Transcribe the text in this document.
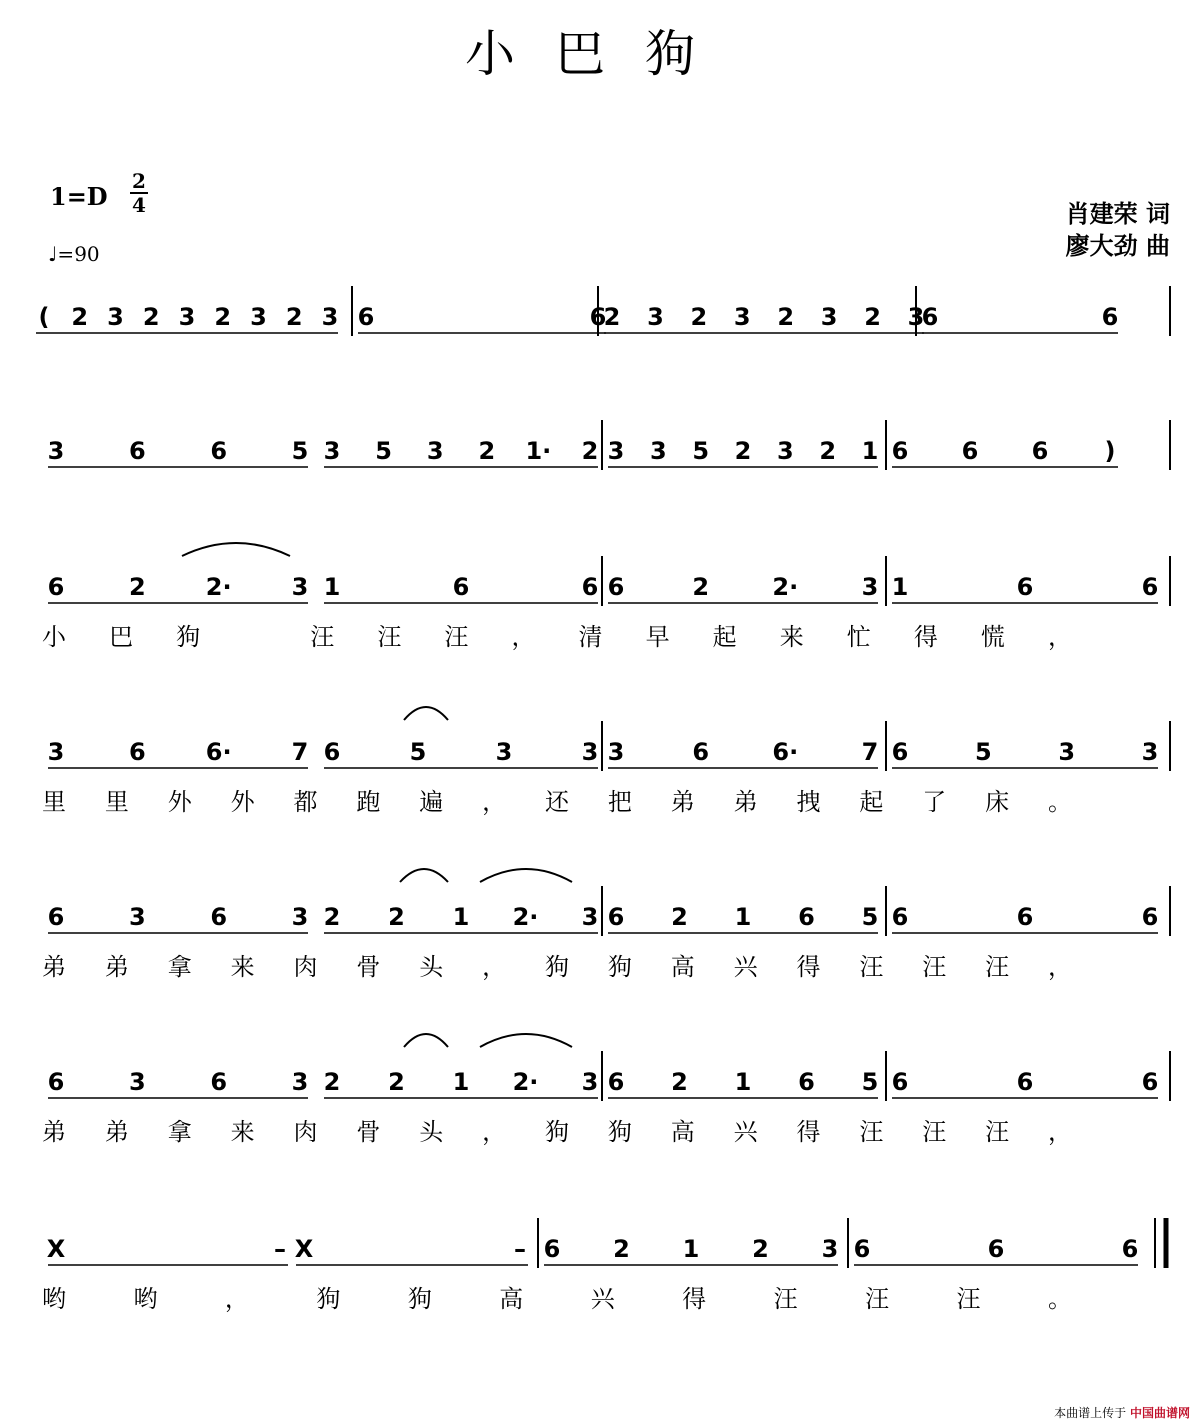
小巴狗
1=D
2
4
♩=90
肖建荣 词
廖大劲 曲
( 2 3 2 3 2 3 2 3 6	6
2 3 2 3 2 3 2 3
6	6
3	6	6	5 3 5 3 2 1· 2 3 3 5 2 3 2 1 6 6 6 )
6	2	2·	3 1	6	6 6	2	2·	3 1	6	6
小 巴 狗	汪 汪 汪 ， 清 早 起 来 忙 得 慌 ，
3	6	6·	7 6	5	3	3 3	6	6·	7 6	5	3	3
里 里 外 外 都 跑 遍 ， 还 把 弟 弟 拽 起 了 床 。
6	3	6	3 2 2 1 2· 3 6 2 1 6 5 6	6	6
弟 弟 拿 来 肉 骨 头 ， 狗 狗 高 兴 得 汪 汪 汪 ，
6	3	6	3 2 2 1 2· 3 6 2 1 6 5 6	6	6
弟 弟 拿 来 肉 骨 头 ， 狗 狗 高 兴 得 汪 汪 汪 ，
X	– X	– 6 2 1 2 3 6	6	6
哟	哟	，	狗	狗	高	兴	得	汪	汪	汪	。
本曲谱上传于 中国曲谱网
